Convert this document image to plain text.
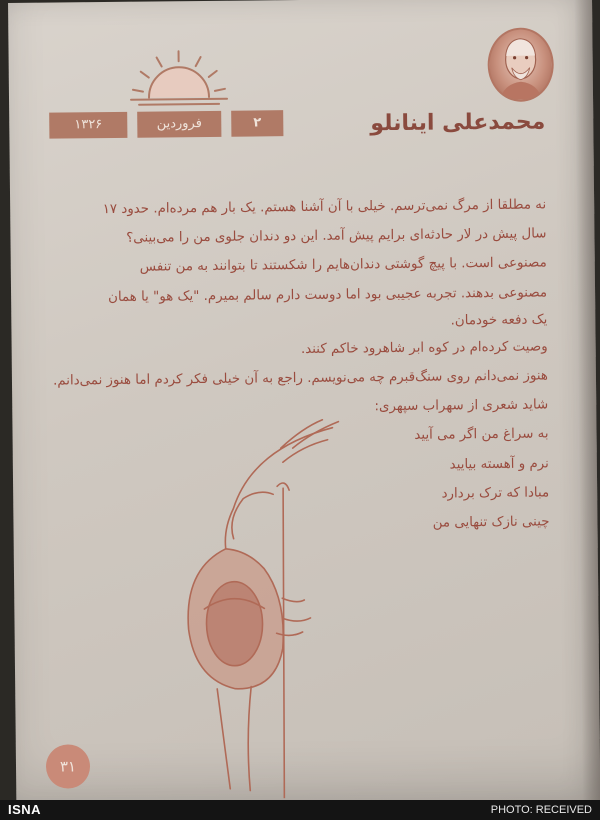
۱۳۲۶	فروردین	۲	محمدعلی اینانلو
نه مطلقا از مرگ نمی‌ترسم. خیلی با آن آشنا هستم. یک بار هم مرده‌ام. حدود ۱۷
سال پیش در لار حادثه‌ای برایم پیش آمد. این دو دندان جلوی من را می‌بینی؟
مصنوعی است. با پیچ گوشتی دندان‌هایم را شکستند تا بتوانند به من تنفس
مصنوعی بدهند. تجربه عجیبی بود اما دوست دارم سالم بمیرم. "یک هو" یا همان
یک دفعه خودمان.
وصیت کرده‌ام در کوه ابر شاهرود خاکم کنند.
هنوز نمی‌دانم روی سنگ‌قبرم چه می‌نویسم. راجع به آن خیلی فکر کردم اما هنوز نمی‌دانم.
شاید شعری از سهراب سپهری:
به سراغ من اگر می آیید
نرم و آهسته بیایید
مبادا که ترک بردارد
چینی نازک تنهایی من
۳۱
ISNA	PHOTO: RECEIVED
